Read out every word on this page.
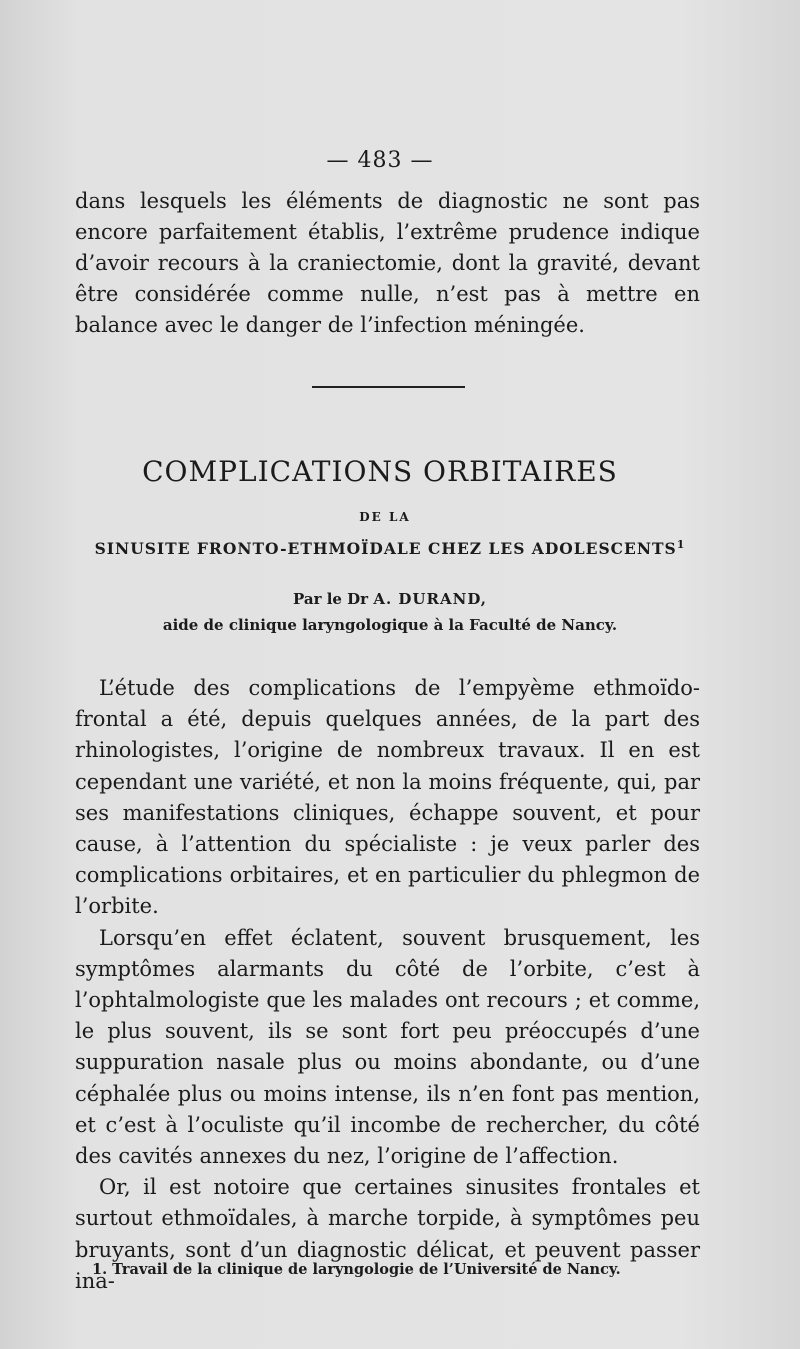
— 483 —
dans lesquels les éléments de diagnostic ne sont pas encore parfaitement établis, l’extrême prudence indique d’avoir recours à la craniectomie, dont la gravité, devant être considérée comme nulle, n’est pas à mettre en balance avec le danger de l’infection méningée.
COMPLICATIONS ORBITAIRES
DE LA
SINUSITE FRONTO-ETHMOÏDALE CHEZ LES ADOLESCENTS$^1$
Par le Dr A. DURAND,
aide de clinique laryngologique à la Faculté de Nancy.

L’étude des complications de l’empyème ethmoïdo-frontal a été, depuis quelques années, de la part des rhinologistes, l’origine de nombreux travaux. Il en est cependant une variété, et non la moins fréquente, qui, par ses manifestations cliniques, échappe souvent, et pour cause, à l’attention du spécialiste : je veux parler des complications orbitaires, et en particulier du phlegmon de l’orbite.

Lorsqu’en effet éclatent, souvent brusquement, les symptômes alarmants du côté de l’orbite, c’est à l’ophtalmologiste que les malades ont recours ; et comme, le plus souvent, ils se sont fort peu préoccupés d’une suppuration nasale plus ou moins abondante, ou d’une céphalée plus ou moins intense, ils n’en font pas mention, et c’est à l’oculiste qu’il incombe de rechercher, du côté des cavités annexes du nez, l’origine de l’affection.

Or, il est notoire que certaines sinusites frontales et surtout ethmoïdales, à marche torpide, à symptômes peu bruyants, sont d’un diagnostic délicat, et peuvent passer ina-

1. Travail de la clinique de laryngologie de l’Université de Nancy.
